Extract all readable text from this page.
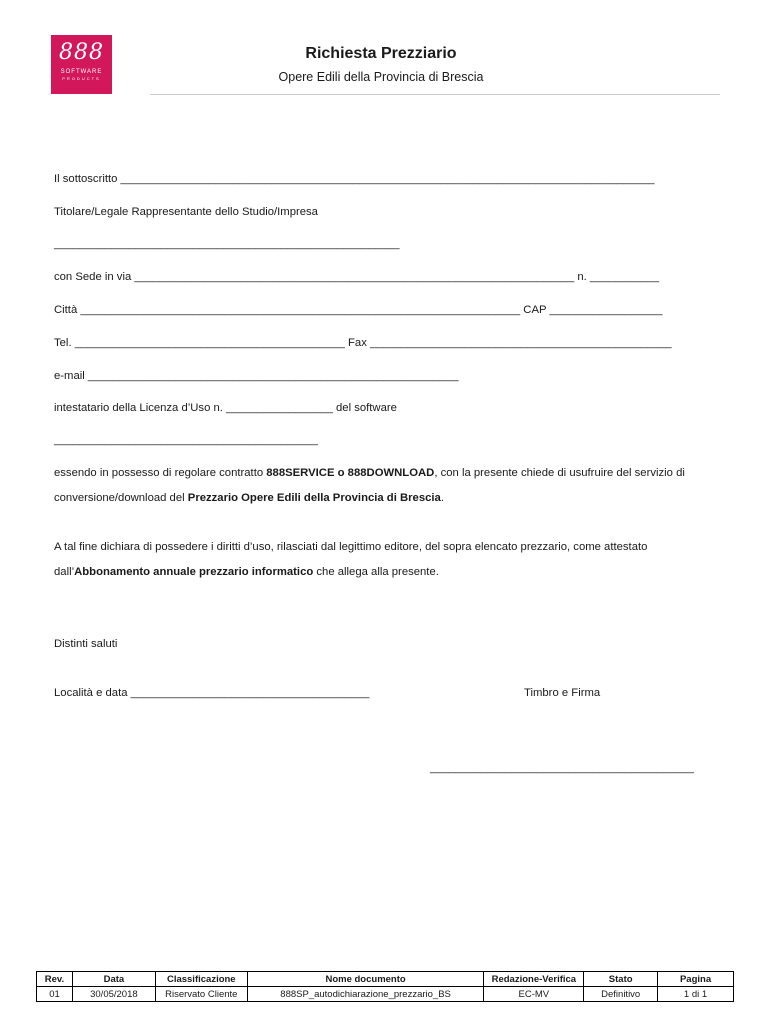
888
SOFTWARE
PRODUCTS
Richiesta Prezziario
Opere Edili della Provincia di Brescia
Il sottoscritto _____________________________________________________________________________________
Titolare/Legale Rappresentante dello Studio/Impresa
_______________________________________________________
con Sede in via ______________________________________________________________________ n. ___________
Città ______________________________________________________________________ CAP __________________
Tel. ___________________________________________ Fax ________________________________________________
e-mail ___________________________________________________________
intestatario della Licenza d’Uso n. _________________ del software
__________________________________________
essendo in possesso di regolare contratto 888SERVICE o 888DOWNLOAD, con la presente chiede di usufruire del servizio di conversione/download del Prezzario Opere Edili della Provincia di Brescia.
A tal fine dichiara di possedere i diritti d’uso, rilasciati dal legittimo editore, del sopra elencato prezzario, come attestato dall’Abbonamento annuale prezzario informatico che allega alla presente.
Distinti saluti
Località e data ______________________________________	Timbro e Firma
__________________________________________
Rev.	Data	Classificazione	Nome documento	Redazione-Verifica	Stato	Pagina
01	30/05/2018	Riservato Cliente	888SP_autodichiarazione_prezzario_BS	EC-MV	Definitivo	1 di 1
